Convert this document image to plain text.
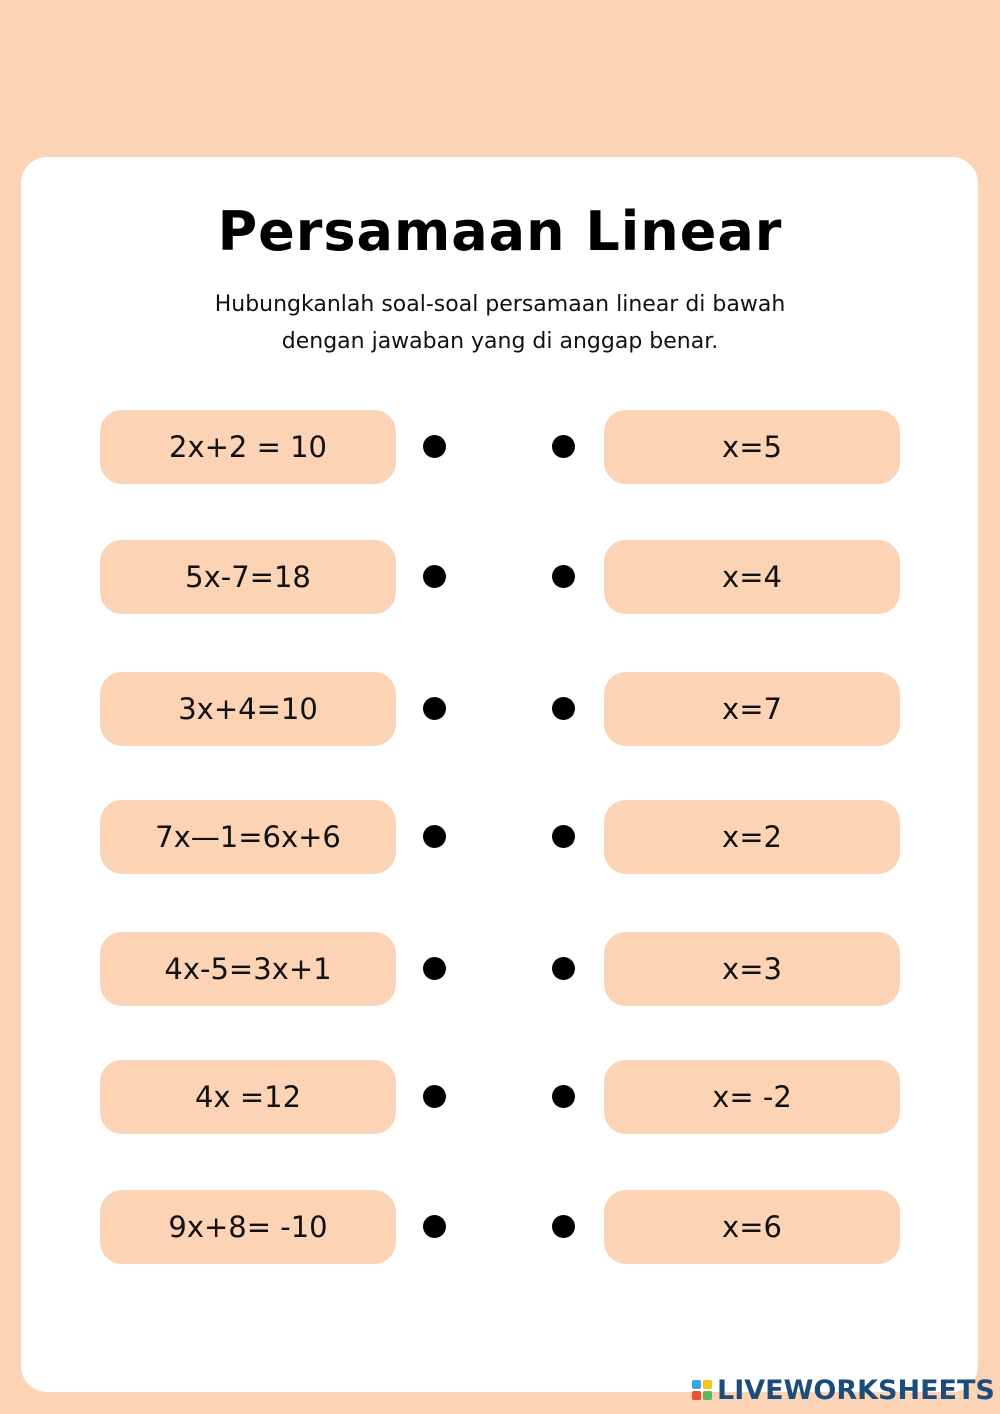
Persamaan Linear
Hubungkanlah soal-soal persamaan linear di bawah
dengan jawaban yang di anggap benar.
2x+2 = 10	x=5
5x-7=18	x=4
3x+4=10	x=7
7x—1=6x+6	x=2
4x-5=3x+1	x=3
4x =12	x= -2
9x+8= -10	x=6
LIVEWORKSHEETS
